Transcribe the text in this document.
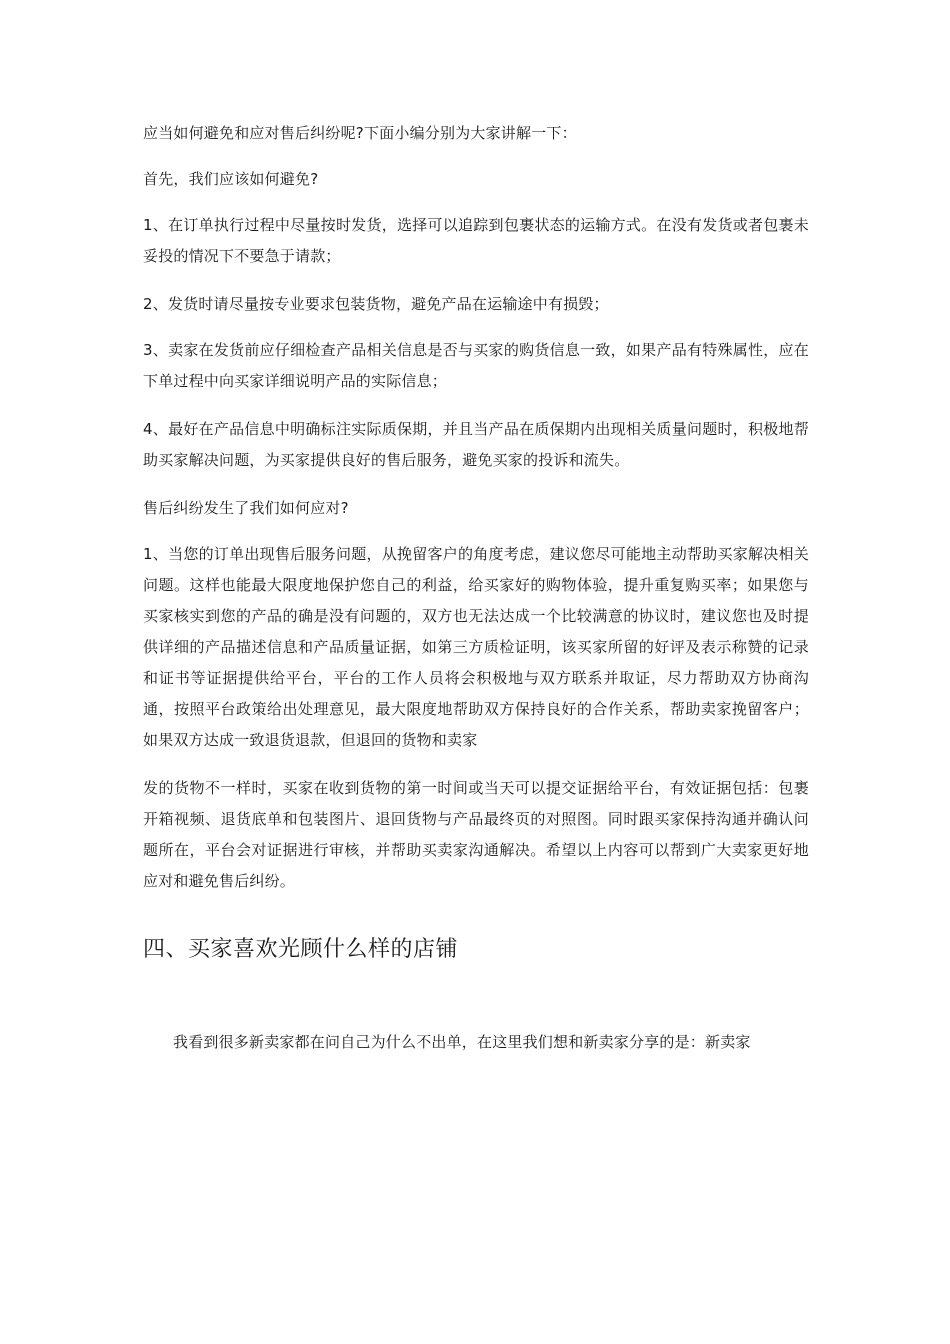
应当如何避免和应对售后纠纷呢?下面小编分别为大家讲解一下：

首先，我们应该如何避免?

1、在订单执行过程中尽量按时发货，选择可以追踪到包裹状态的运输方式。在没有发货或者包裹未妥投的情况下不要急于请款；

2、发货时请尽量按专业要求包装货物，避免产品在运输途中有损毁；

3、卖家在发货前应仔细检查产品相关信息是否与买家的购货信息一致，如果产品有特殊属性，应在下单过程中向买家详细说明产品的实际信息；

4、最好在产品信息中明确标注实际质保期，并且当产品在质保期内出现相关质量问题时，积极地帮助买家解决问题，为买家提供良好的售后服务，避免买家的投诉和流失。

售后纠纷发生了我们如何应对?

1、当您的订单出现售后服务问题，从挽留客户的角度考虑，建议您尽可能地主动帮助买家解决相关问题。这样也能最大限度地保护您自己的利益，给买家好的购物体验，提升重复购买率；如果您与买家核实到您的产品的确是没有问题的，双方也无法达成一个比较满意的协议时，建议您也及时提供详细的产品描述信息和产品质量证据，如第三方质检证明，该买家所留的好评及表示称赞的记录和证书等证据提供给平台，平台的工作人员将会积极地与双方联系并取证，尽力帮助双方协商沟通，按照平台政策给出处理意见，最大限度地帮助双方保持良好的合作关系，帮助卖家挽留客户；如果双方达成一致退货退款，但退回的货物和卖家

发的货物不一样时，买家在收到货物的第一时间或当天可以提交证据给平台，有效证据包括：包裹开箱视频、退货底单和包装图片、退回货物与产品最终页的对照图。同时跟买家保持沟通并确认问题所在，平台会对证据进行审核，并帮助买卖家沟通解决。希望以上内容可以帮到广大卖家更好地应对和避免售后纠纷。

四、买家喜欢光顾什么样的店铺

我看到很多新卖家都在问自己为什么不出单，在这里我们想和新卖家分享的是：新卖家
